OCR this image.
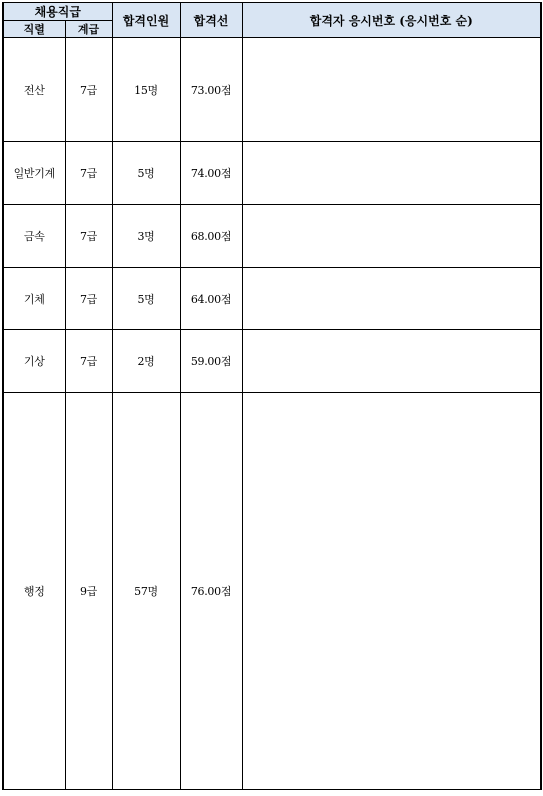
채용직급		합격인원	합격선	합격자 응시번호 (응시번호 순)
직렬	계급			
전산	7급	15명	73.00점	
일반기계	7급	5명	74.00점	
금속	7급	3명	68.00점	
기체	7급	5명	64.00점	
기상	7급	2명	59.00점	
행정	9급	57명	76.00점	
